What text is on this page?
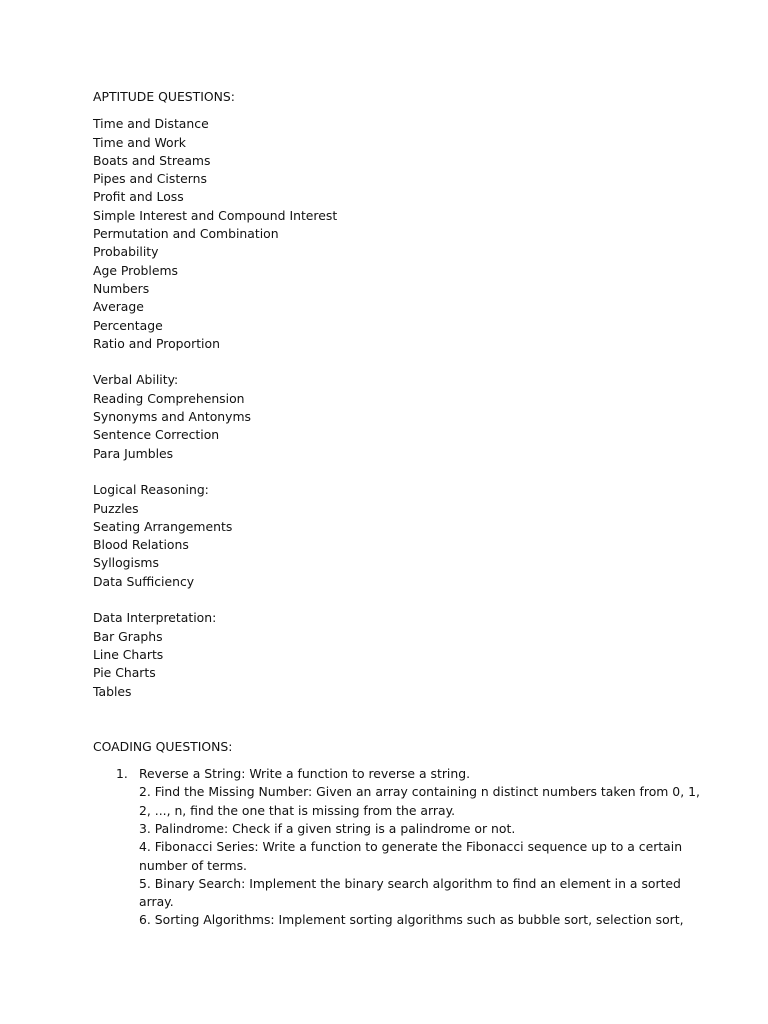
APTITUDE QUESTIONS:
Time and Distance
Time and Work
Boats and Streams
Pipes and Cisterns
Profit and Loss
Simple Interest and Compound Interest
Permutation and Combination
Probability
Age Problems
Numbers
Average
Percentage
Ratio and Proportion
Verbal Ability:
Reading Comprehension
Synonyms and Antonyms
Sentence Correction
Para Jumbles
Logical Reasoning:
Puzzles
Seating Arrangements
Blood Relations
Syllogisms
Data Sufficiency
Data Interpretation:
Bar Graphs
Line Charts
Pie Charts
Tables
COADING QUESTIONS:
1. Reverse a String: Write a function to reverse a string.
2. Find the Missing Number: Given an array containing n distinct numbers taken from 0, 1,
2, ..., n, find the one that is missing from the array.
3. Palindrome: Check if a given string is a palindrome or not.
4. Fibonacci Series: Write a function to generate the Fibonacci sequence up to a certain
number of terms.
5. Binary Search: Implement the binary search algorithm to find an element in a sorted
array.
6. Sorting Algorithms: Implement sorting algorithms such as bubble sort, selection sort,
